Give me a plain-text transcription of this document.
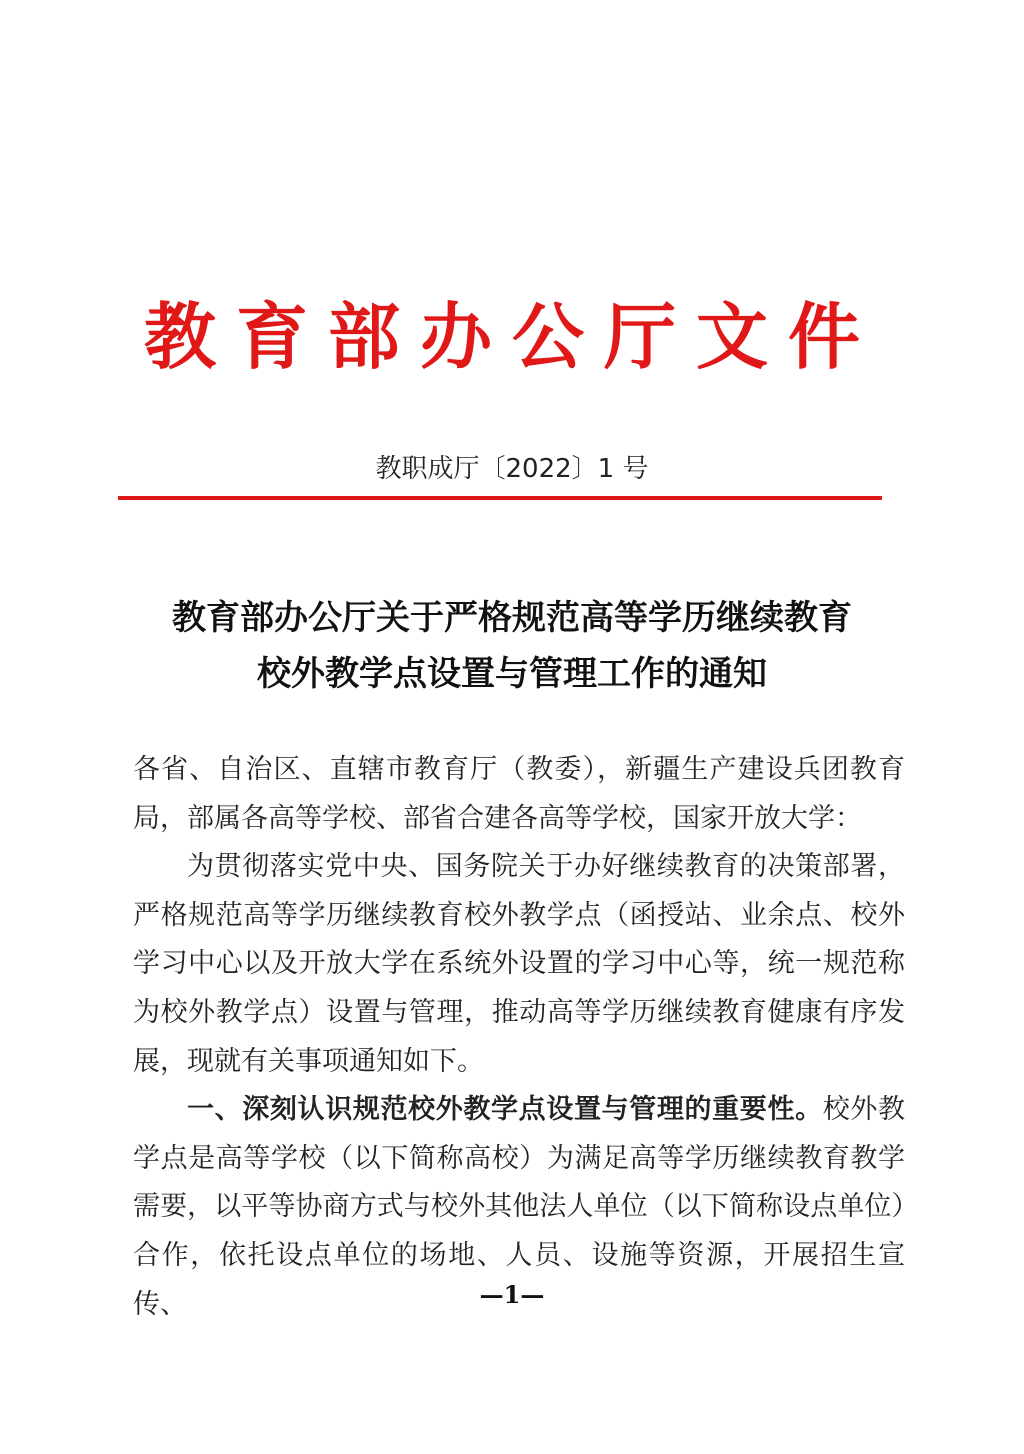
教育部办公厅文件
教职成厅〔2022〕1 号
教育部办公厅关于严格规范高等学历继续教育
校外教学点设置与管理工作的通知

各省、自治区、直辖市教育厅（教委），新疆生产建设兵团教育局，部属各高等学校、部省合建各高等学校，国家开放大学：

为贯彻落实党中央、国务院关于办好继续教育的决策部署，严格规范高等学历继续教育校外教学点（函授站、业余点、校外学习中心以及开放大学在系统外设置的学习中心等，统一规范称为校外教学点）设置与管理，推动高等学历继续教育健康有序发展，现就有关事项通知如下。

一、深刻认识规范校外教学点设置与管理的重要性。校外教学点是高等学校（以下简称高校）为满足高等学历继续教育教学需要，以平等协商方式与校外其他法人单位（以下简称设点单位）合作，依托设点单位的场地、人员、设施等资源，开展招生宣传、	—1—
